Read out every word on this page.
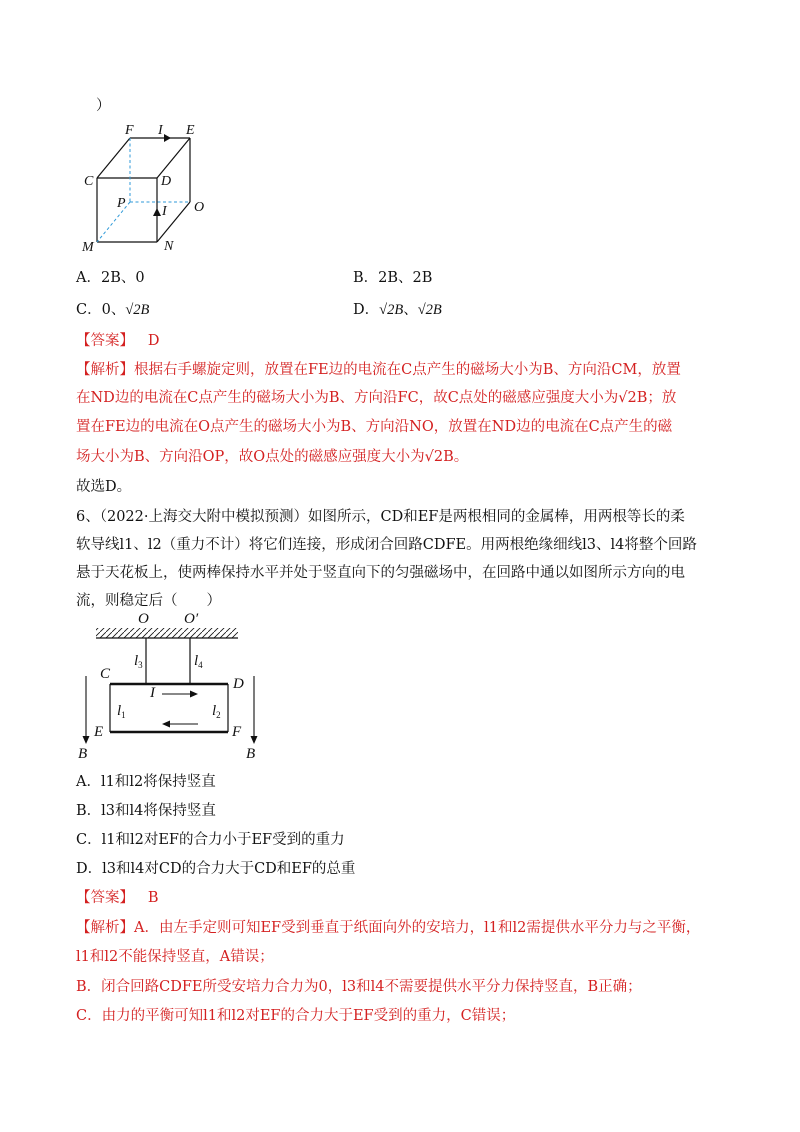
）
F I E
C	D
P
I O
M	N
A．2B、0	B．2B、2B
C．0、√2B	D．√2B、√2B
【答案】 D
【解析】根据右手螺旋定则，放置在FE边的电流在C点产生的磁场大小为B、方向沿CM，放置
在ND边的电流在C点产生的磁场大小为B、方向沿FC，故C点处的磁感应强度大小为√2B；放
置在FE边的电流在O点产生的磁场大小为B、方向沿NO，放置在ND边的电流在C点产生的磁
场大小为B、方向沿OP，故O点处的磁感应强度大小为√2B。
故选D。
6、（2022·上海交大附中模拟预测）如图所示，CD和EF是两根相同的金属棒，用两根等长的柔
软导线l1、l2（重力不计）将它们连接，形成闭合回路CDFE。用两根绝缘细线l3、l4将整个回路
悬于天花板上，使两棒保持水平并处于竖直向下的匀强磁场中，在回路中通以如图所示方向的电
流，则稳定后（　　）
O O′
C
D
E	F
I
B	B
$l_3$	$l_4$
$l_1$	$l_2$
A．l1和l2将保持竖直
B．l3和l4将保持竖直
C．l1和l2对EF的合力小于EF受到的重力
D．l3和l4对CD的合力大于CD和EF的总重
【答案】 B
【解析】A．由左手定则可知EF受到垂直于纸面向外的安培力，l1和l2需提供水平分力与之平衡，
l1和l2不能保持竖直，A错误；
B．闭合回路CDFE所受安培力合力为0，l3和l4不需要提供水平分力保持竖直，B正确；
C．由力的平衡可知l1和l2对EF的合力大于EF受到的重力，C错误；
